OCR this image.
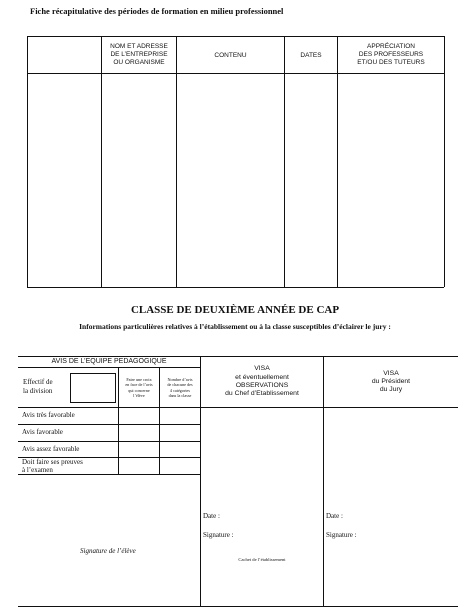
Fiche récapitulative des périodes de formation en milieu professionnel
NOM ET ADRESSE
DE L’ENTREPRISE
OU ORGANISME
CONTENU	DATES
APPRÉCIATION
DES PROFESSEURS
ET/OU DES TUTEURS
CLASSE DE DEUXIÈME ANNÉE DE CAP
Informations particulières relatives à l’établissement ou à la classe susceptibles d’éclairer le jury :
AVIS DE L’EQUIPE PEDAGOGIQUE
Effectif de
la division
Faire une croix
en face de l’avis
qui concerne
l’élève
Nombre d’avis
de chacune des
4 catégories
dans la classe
Avis très favorable
Avis favorable
Avis assez favorable
Doit faire ses preuves
à l’examen
Signature de l’élève
VISA
et éventuellement
OBSERVATIONS
du Chef d’Etablissement
Date :
Signature :
Cachet de l’établissement
VISA
du Président
du Jury
Date :
Signature :
